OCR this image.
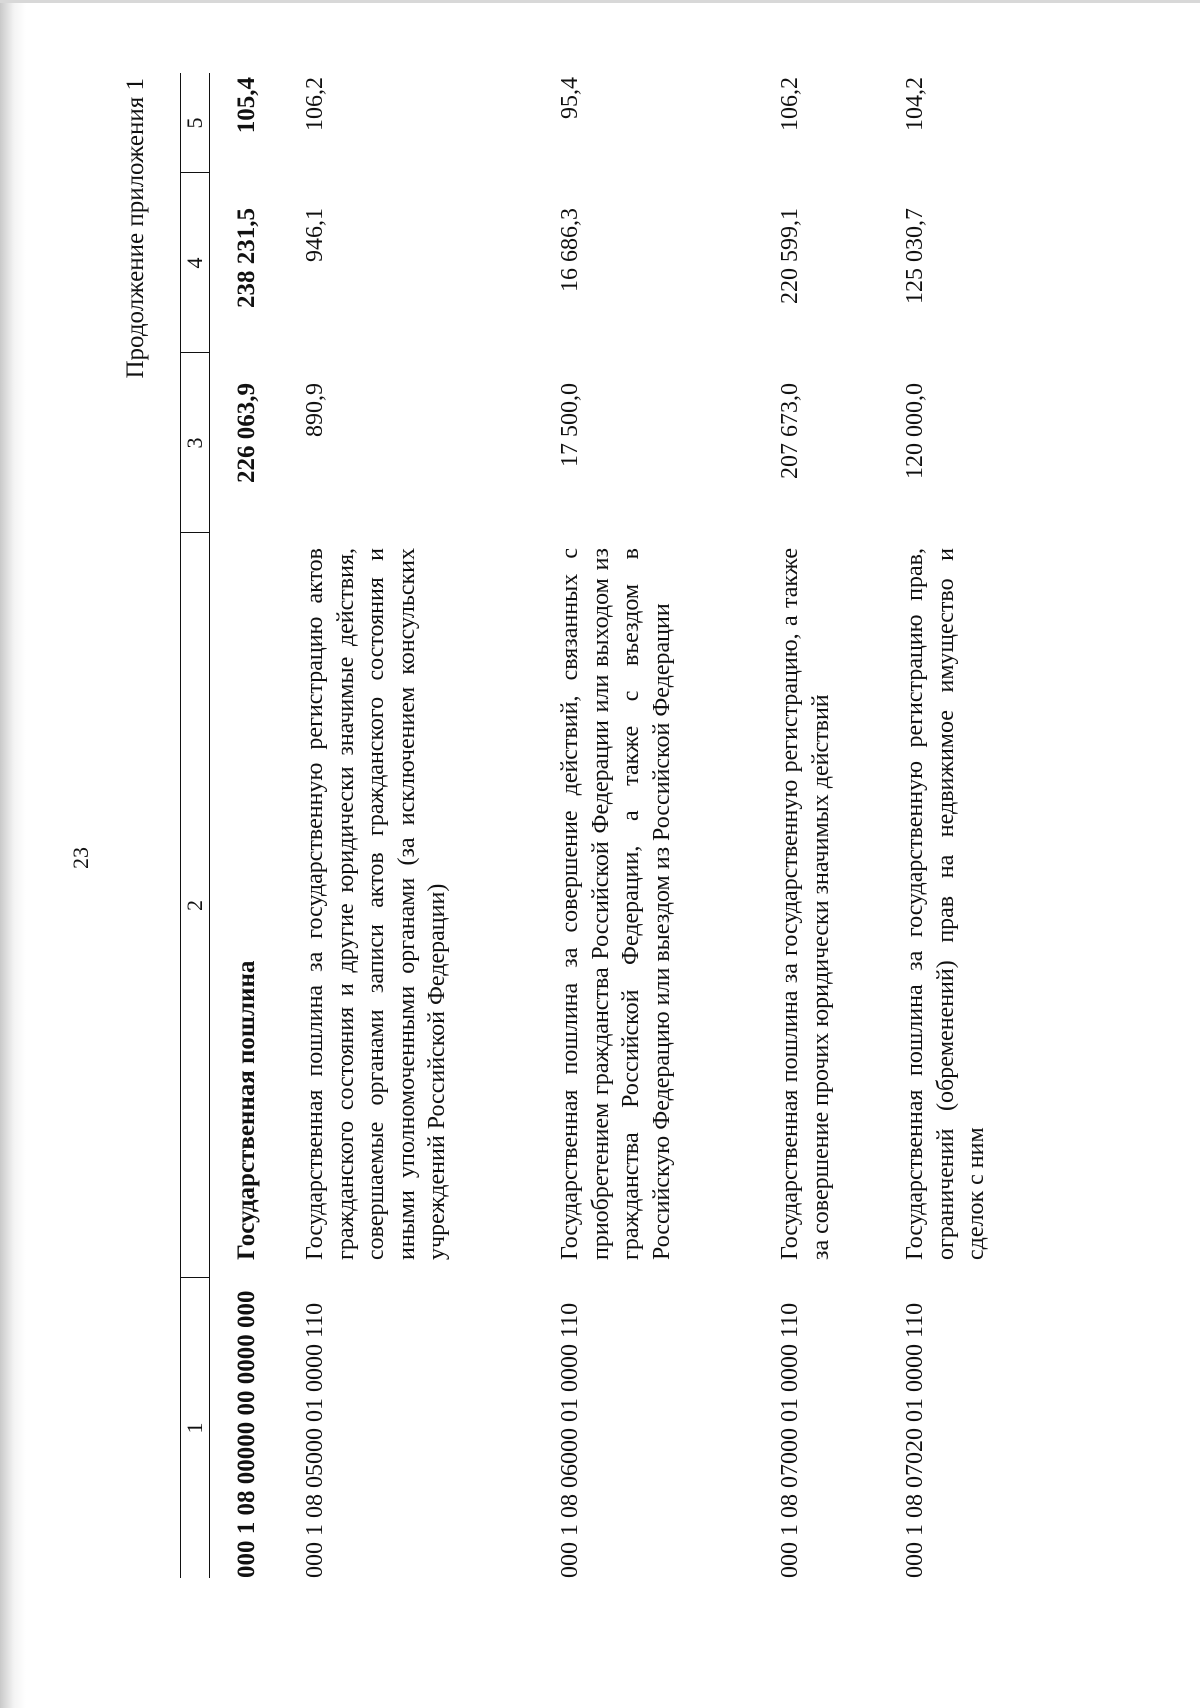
23
Продолжение приложения 1
1
2
3
4
5
000 1 08 00000 00 0000 000
Государственная пошлина
226 063,9
238 231,5
105,4
000 1 08 05000 01 0000 110
Государственная пошлина за государственную регистрацию актов гражданского состояния и другие юридически значимые действия, совершаемые органами записи актов гражданского состояния и иными уполномоченными органами (за исключением консульских учреждений Российской Федерации)
890,9
946,1
106,2
000 1 08 06000 01 0000 110
Государственная пошлина за совершение действий, связанных с приобретением гражданства Российской Федерации или выходом из гражданства Российской Федерации, а также с въездом в Российскую Федерацию или выездом из Российской Федерации
17 500,0
16 686,3
95,4
000 1 08 07000 01 0000 110
Государственная пошлина за государственную регистрацию, а также за совершение прочих юридически значимых действий
207 673,0
220 599,1
106,2
000 1 08 07020 01 0000 110
Государственная пошлина за государственную регистрацию прав, ограничений (обременений) прав на недвижимое имущество и сделок с ним
120 000,0
125 030,7
104,2
